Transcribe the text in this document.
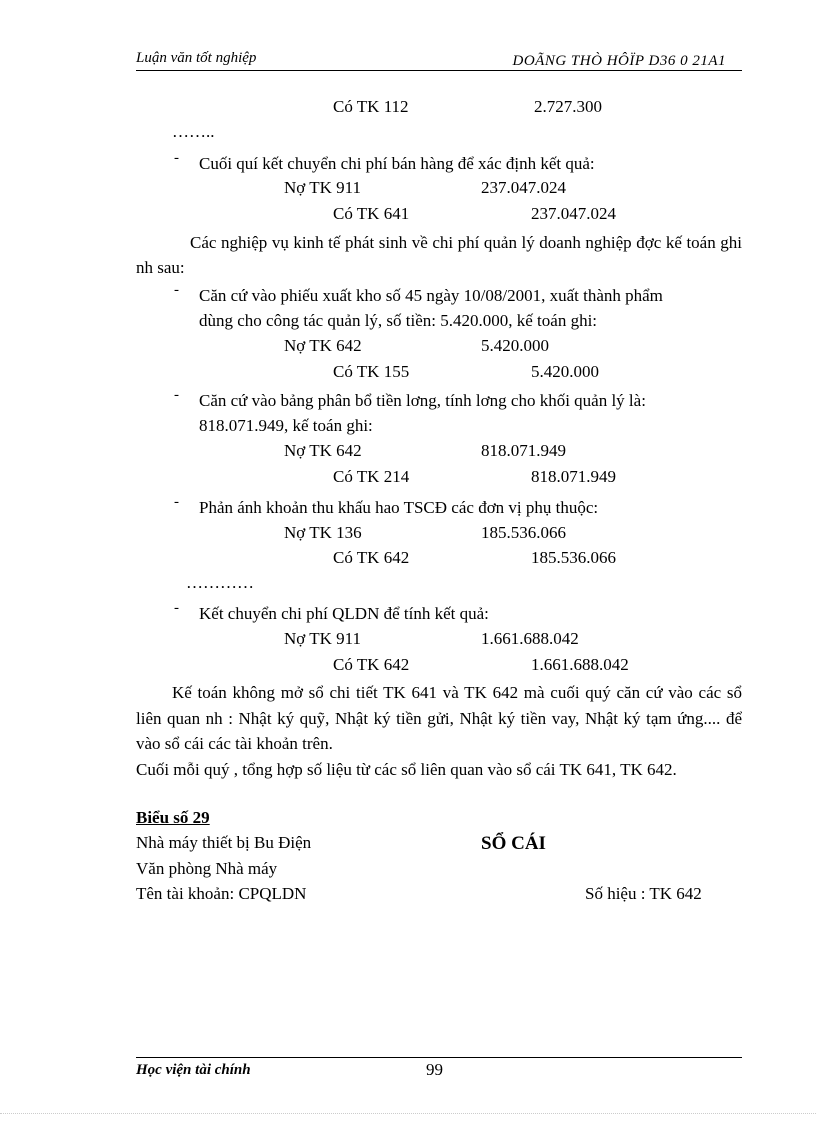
Luận văn tốt nghiệp	DOÃNG THÒ HÔÏP D36 0 21A1
Có TK 112	2.727.300
……..
- Cuối quí kết chuyển chi phí bán hàng để xác định kết quả:
Nợ TK 911	237.047.024
Có TK 641	237.047.024
Các nghiệp vụ kinh tế phát sinh về chi phí quản lý doanh nghiệp đợc kế toán ghi nh sau:
- Căn cứ vào phiếu xuất kho số 45 ngày 10/08/2001, xuất thành phẩm
dùng cho công tác quản lý, số tiền: 5.420.000, kế toán ghi:
Nợ TK 642	5.420.000
Có TK 155	5.420.000
- Căn cứ vào bảng phân bổ tiền lơng, tính lơng cho khối quản lý là:
818.071.949, kế toán ghi:
Nợ TK 642	818.071.949
Có TK 214	818.071.949
- Phản ánh khoản thu khấu hao TSCĐ các đơn vị phụ thuộc:
Nợ TK 136	185.536.066
Có TK 642	185.536.066
…………
- Kết chuyển chi phí QLDN để tính kết quả:
Nợ TK 911	1.661.688.042
Có TK 642	1.661.688.042
Kế toán không mở sổ chi tiết TK 641 và TK 642 mà cuối quý căn cứ vào các sổ liên quan nh : Nhật ký quỹ, Nhật ký tiền gửi, Nhật ký tiền vay, Nhật ký tạm ứng.... để vào sổ cái các tài khoản trên.
Cuối mỗi quý , tổng hợp số liệu từ các sổ liên quan vào sổ cái TK 641, TK 642.
Biểu số 29
Nhà máy thiết bị Bu Điện	SỔ CÁI
Văn phòng Nhà máy
Tên tài khoản: CPQLDN	Số hiệu : TK 642
Học viện tài chính	99
